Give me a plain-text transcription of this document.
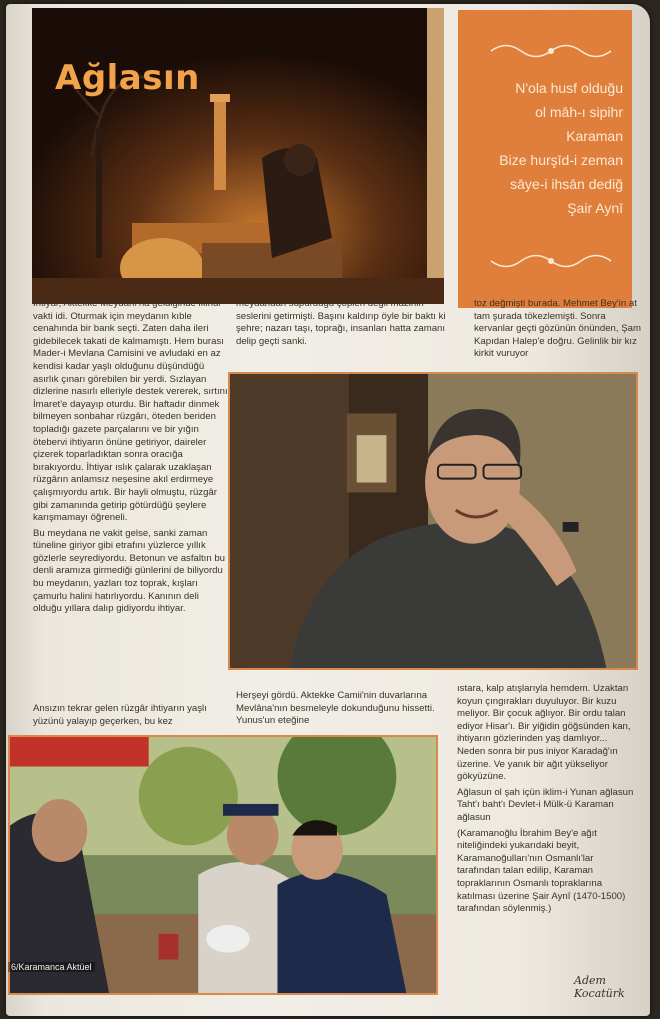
Ağlasın	N'ola husf olduğu
ol māh-ı sipihr
Karaman
Bize hurşīd-i zeman
sāye-i ihsān dediğ
Şair Aynī

İhtiyar, Aktekke Meydanı'na geldiğinde ikindi vakti idi. Oturmak için meydanın kıble cenahında bir bank seçti. Zaten daha ileri gidebilecek takati de kalmamıştı. Hem burası Mader-i Mevlana Camisini ve avludaki en az kendisi kadar yaşlı olduğunu düşündüğü asırlık çınarı görebilen bir yerdi. Sızlayan dizlerine nasırlı elleriyle destek vererek, sırtını İmaret'e dayayıp oturdu. Bir haftadır dinmek bilmeyen sonbahar rüzgârı, öteden beriden topladığı gazete parçalarını ve bir yığın ötebervi ihtiyarın önüne getiriyor, daireler çizerek toparladıktan sonra oracığa bırakıyordu. İhtiyar ıslık çalarak uzaklaşan rüzgârın anlamsız neşesine akıl erdirmeye çalışmıyordu artık. Bir hayli olmuştu, rüzgâr gibi zamanında getirip götürdüğü şeylere karışmamayı öğreneli.

Bu meydana ne vakit gelse, sanki zaman tüneline giriyor gibi etrafını yüzlerce yıllık gözlerle seyrediyordu. Betonun ve asfaltın bu denli aramıza girmediği günlerini de biliyordu bu meydanın, yazları toz toprak, kışları çamurlu halini hatırlıyordu. Kanının deli olduğu yıllara dalıp gidiyordu ihtiyar.

Ansızın tekrar gelen rüzgâr ihtiyarın yaşlı yüzünü yalayıp geçerken, bu kez

meydandan süpürdüğü çöpleri değil mazinin seslerini getirmişti. Başını kaldırıp öyle bir baktı ki şehre; nazarı taşı, toprağı, insanları hatta zamanı delip geçti sanki.

toz değmişti burada. Mehmet Bey'in at tam şurada tökezlemişti. Sonra kervanlar geçti gözünün önünden, Şam Kapıdan Halep'e doğru. Gelinlik bir kız kirkit vuruyor

Herşeyi gördü. Aktekke Camii'nin duvarlarına Mevlâna'nın besmeleyle dokunduğunu hissetti. Yunus'un eteğine

ıstara, kalp atışlarıyla hemdem. Uzaktan koyun çıngırakları duyuluyor. Bir kuzu meliyor. Bir çocuk ağlıyor. Bir ordu talan ediyor Hisar'ı. Bir yiğidin göğsünden kan, ihtiyarın gözlerinden yaş damlıyor... Neden sonra bir pus iniyor Karadağ'ın üzerine. Ve yanık bir ağıt yükseliyor gökyüzüne.

Ağlasun ol şah içün iklim-i Yunan ağlasun Taht'ı baht'ı Devlet-i Mülk-ü Karaman ağlasun

(Karamanoğlu İbrahim Bey'e ağıt niteliğindeki yukarıdaki beyit, Karamanoğulları'nın Osmanlı'lar tarafından talan edilip, Karaman topraklarının Osmanlı topraklarına katılması üzerine Şair Aynî (1470-1500) tarafından söylenmiş.)

6/Karamanca Aktüel
Adem Kocatürk
